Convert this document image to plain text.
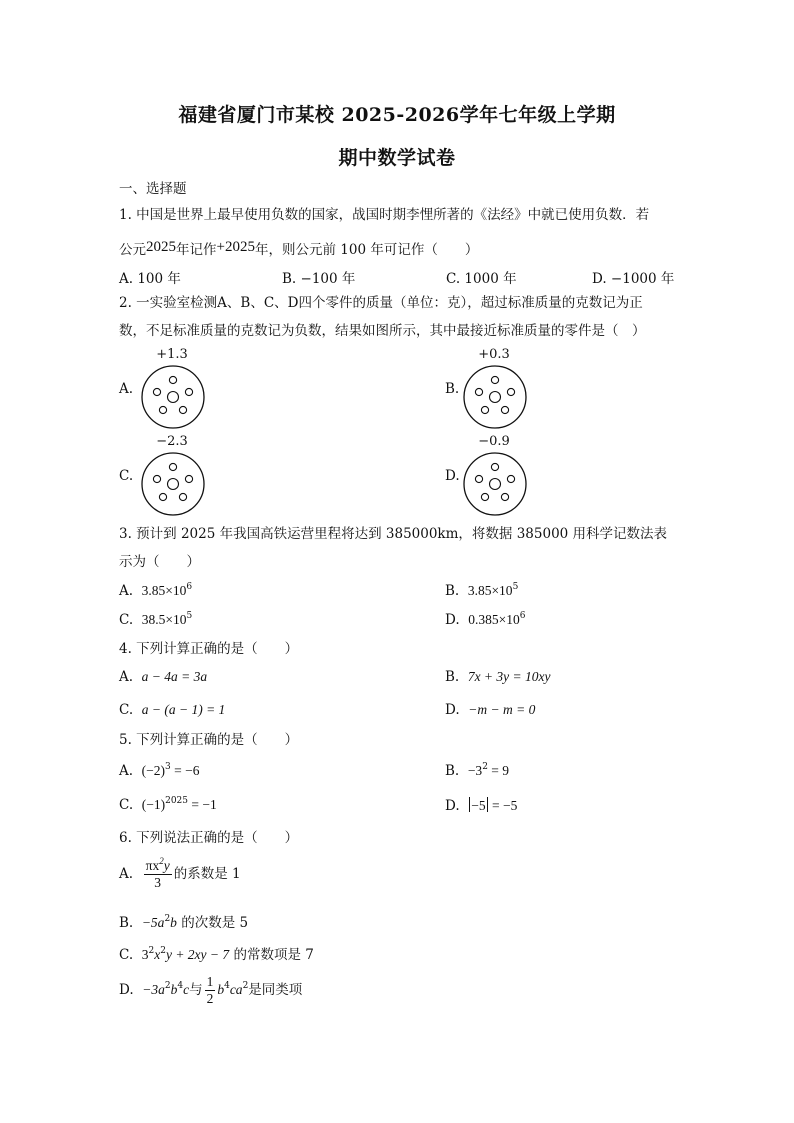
福建省厦门市某校 2025-2026学年七年级上学期
期中数学试卷
一、选择题
1. 中国是世界上最早使用负数的国家，战国时期李悝所著的《法经》中就已使用负数．若
公元2025年记作+2025年，则公元前 100 年可记作（　　）
A. 100 年	B. −100 年	C. 1000 年	D. −1000 年
2. 一实验室检测A、B、C、D四个零件的质量（单位：克），超过标准质量的克数记为正
数，不足标准质量的克数记为负数，结果如图所示，其中最接近标准质量的零件是（　）
A.
+1.3
B.
+0.3
C.
−2.3
D.
−0.9
3. 预计到 2025 年我国高铁运营里程将达到 385000km，将数据 385000 用科学记数法表
示为（　　）
A. $3.85\times 10^6$	B. $3.85\times 10^5$
C. $38.5\times 10^5$	D. $0.385\times 10^6$
4. 下列计算正确的是（　　）
A. a − 4a = 3a	B. 7x + 3y = 10xy
C. a − (a − 1) = 1	D. −m − m = 0
5. 下列计算正确的是（　　）
A. $(-2)^3 = -6$	B. $-3^2 = 9$
C. $(-1)^{2025} = -1$	D. −5 = −5
6. 下列说法正确的是（　　）
A. $\frac{\pi x^2y}{3}$ 的系数是 1
B. $-5a^2b$ 的次数是 5
C. $3^2x^2y + 2xy - 7$ 的常数项是 7
D. $-3a^2b^4c$与 $\frac{1}{2} b^4ca^2$是同类项
